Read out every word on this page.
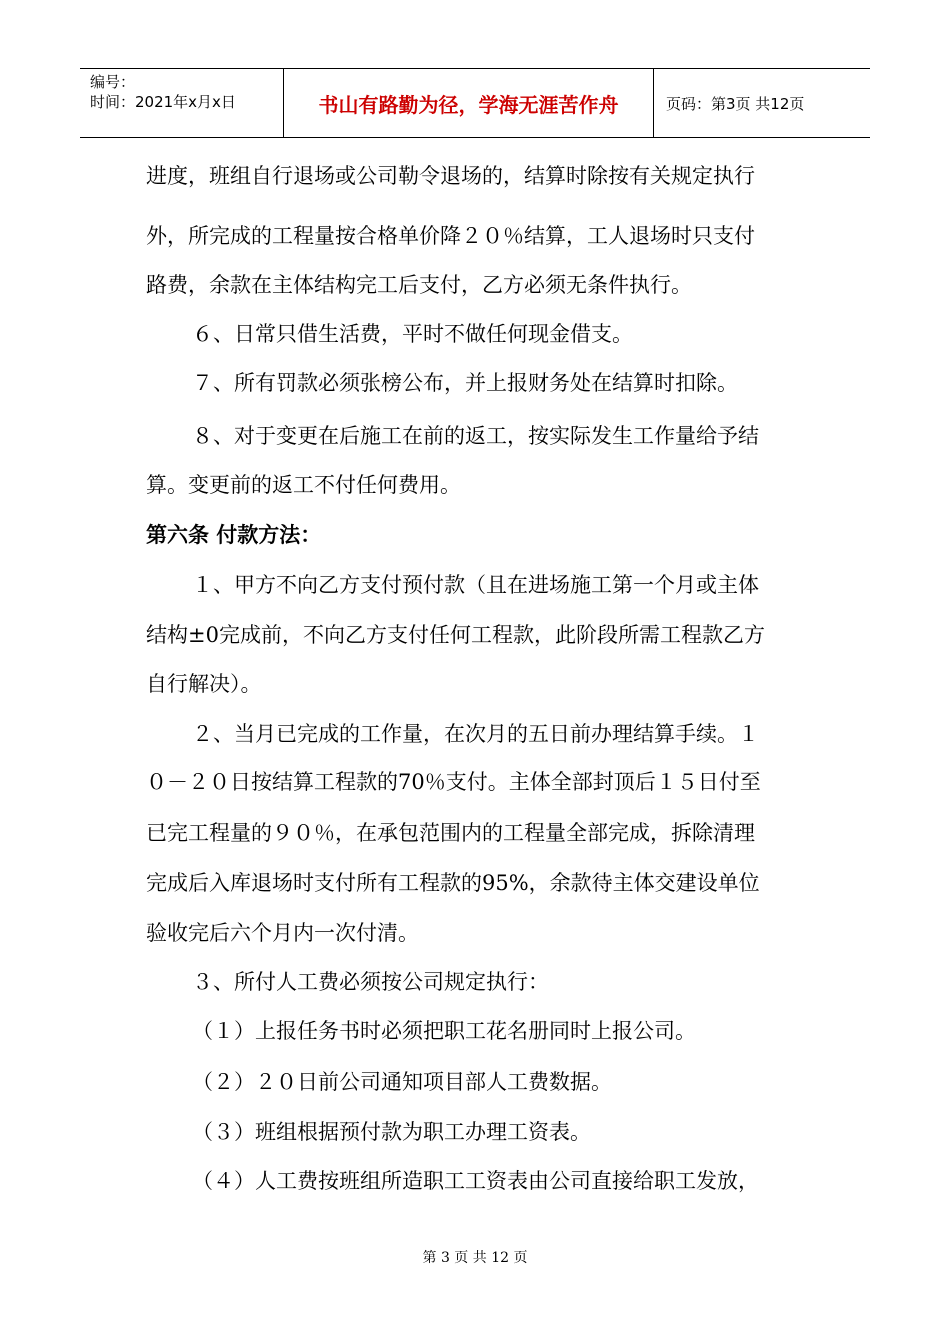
编号：
时间：2021年x月x日	书山有路勤为径，学海无涯苦作舟	页码：第3页 共12页
进度，班组自行退场或公司勒令退场的，结算时除按有关规定执行
外，所完成的工程量按合格单价降２０％结算，工人退场时只支付
路费，余款在主体结构完工后支付，乙方必须无条件执行。
６、日常只借生活费，平时不做任何现金借支。
７、所有罚款必须张榜公布，并上报财务处在结算时扣除。
８、对于变更在后施工在前的返工，按实际发生工作量给予结
算。变更前的返工不付任何费用。
第六条 付款方法：
１、甲方不向乙方支付预付款（且在进场施工第一个月或主体
结构±0完成前，不向乙方支付任何工程款，此阶段所需工程款乙方
自行解决）。
２、当月已完成的工作量，在次月的五日前办理结算手续。１
０－２０日按结算工程款的70％支付。主体全部封顶后１５日付至
已完工程量的９０％，在承包范围内的工程量全部完成，拆除清理
完成后入库退场时支付所有工程款的95%，余款待主体交建设单位
验收完后六个月内一次付清。
３、所付人工费必须按公司规定执行：
（１）上报任务书时必须把职工花名册同时上报公司。
（２）２０日前公司通知项目部人工费数据。
（３）班组根据预付款为职工办理工资表。
（４）人工费按班组所造职工工资表由公司直接给职工发放，
第 3 页 共 12 页
